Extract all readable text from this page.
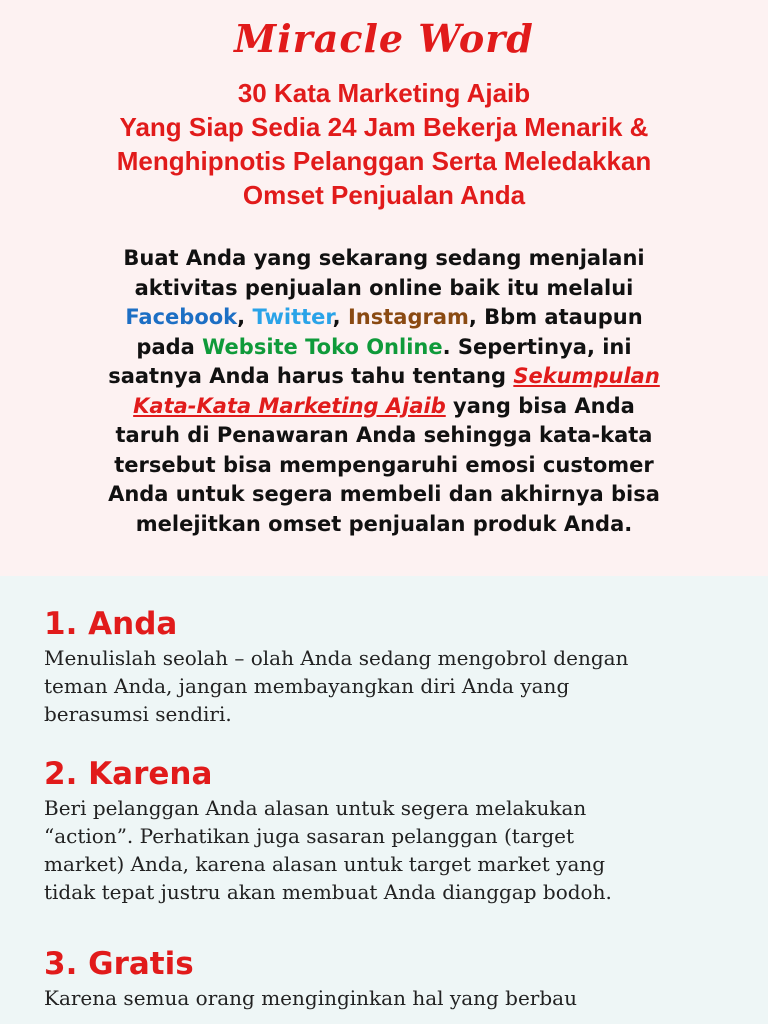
Miracle Word
30 Kata Marketing Ajaib
Yang Siap Sedia 24 Jam Bekerja Menarik &
Menghipnotis Pelanggan Serta Meledakkan
Omset Penjualan Anda
Buat Anda yang sekarang sedang menjalani
aktivitas penjualan online baik itu melalui
Facebook, Twitter, Instagram, Bbm ataupun
pada Website Toko Online. Sepertinya, ini
saatnya Anda harus tahu tentang Sekumpulan
Kata-Kata Marketing Ajaib yang bisa Anda
taruh di Penawaran Anda sehingga kata-kata
tersebut bisa mempengaruhi emosi customer
Anda untuk segera membeli dan akhirnya bisa
melejitkan omset penjualan produk Anda.
1. Anda
Menulislah seolah – olah Anda sedang mengobrol dengan
teman Anda, jangan membayangkan diri Anda yang
berasumsi sendiri.
2. Karena
Beri pelanggan Anda alasan untuk segera melakukan
“action”. Perhatikan juga sasaran pelanggan (target
market) Anda, karena alasan untuk target market yang
tidak tepat justru akan membuat Anda dianggap bodoh.
3. Gratis
Karena semua orang menginginkan hal yang berbau
